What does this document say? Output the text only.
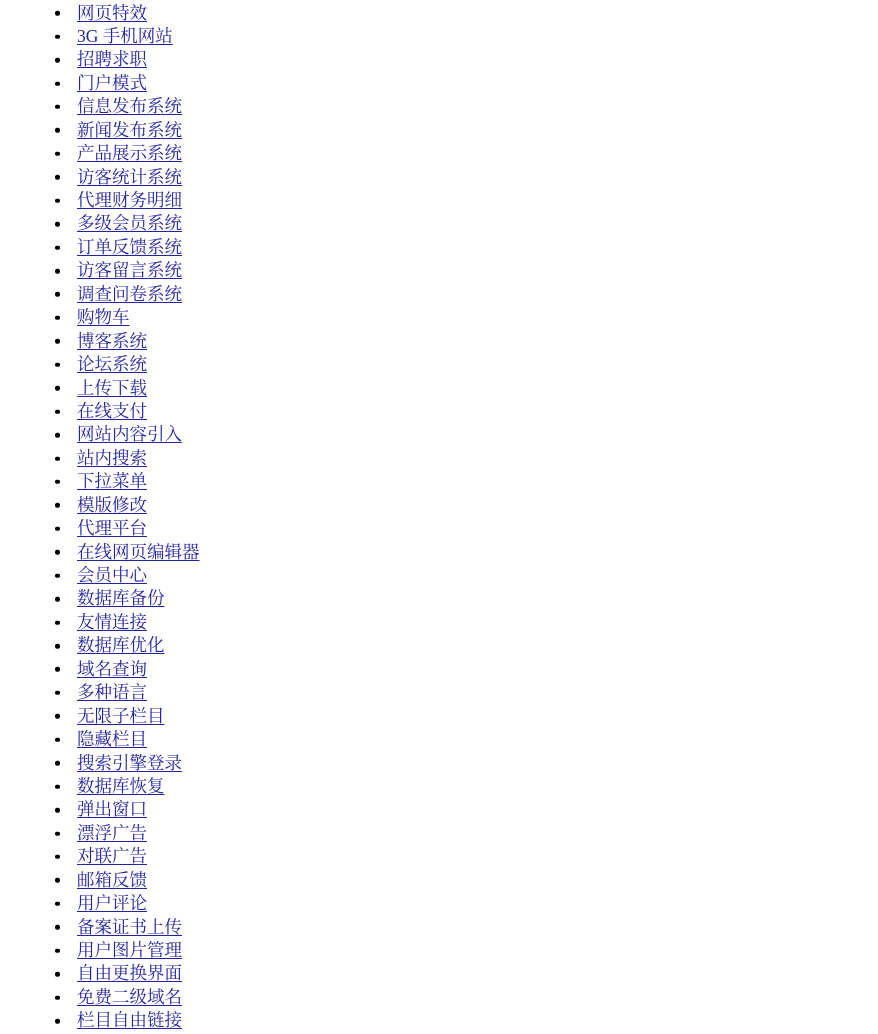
网页特效
3G 手机网站
招聘求职
门户模式
信息发布系统
新闻发布系统
产品展示系统
访客统计系统
代理财务明细
多级会员系统
订单反馈系统
访客留言系统
调查问卷系统
购物车
博客系统
论坛系统
上传下载
在线支付
网站内容引入
站内搜索
下拉菜单
模版修改
代理平台
在线网页编辑器
会员中心
数据库备份
友情连接
数据库优化
域名查询
多种语言
无限子栏目
隐藏栏目
搜索引擎登录
数据库恢复
弹出窗口
漂浮广告
对联广告
邮箱反馈
用户评论
备案证书上传
用户图片管理
自由更换界面
免费二级域名
栏目自由链接
